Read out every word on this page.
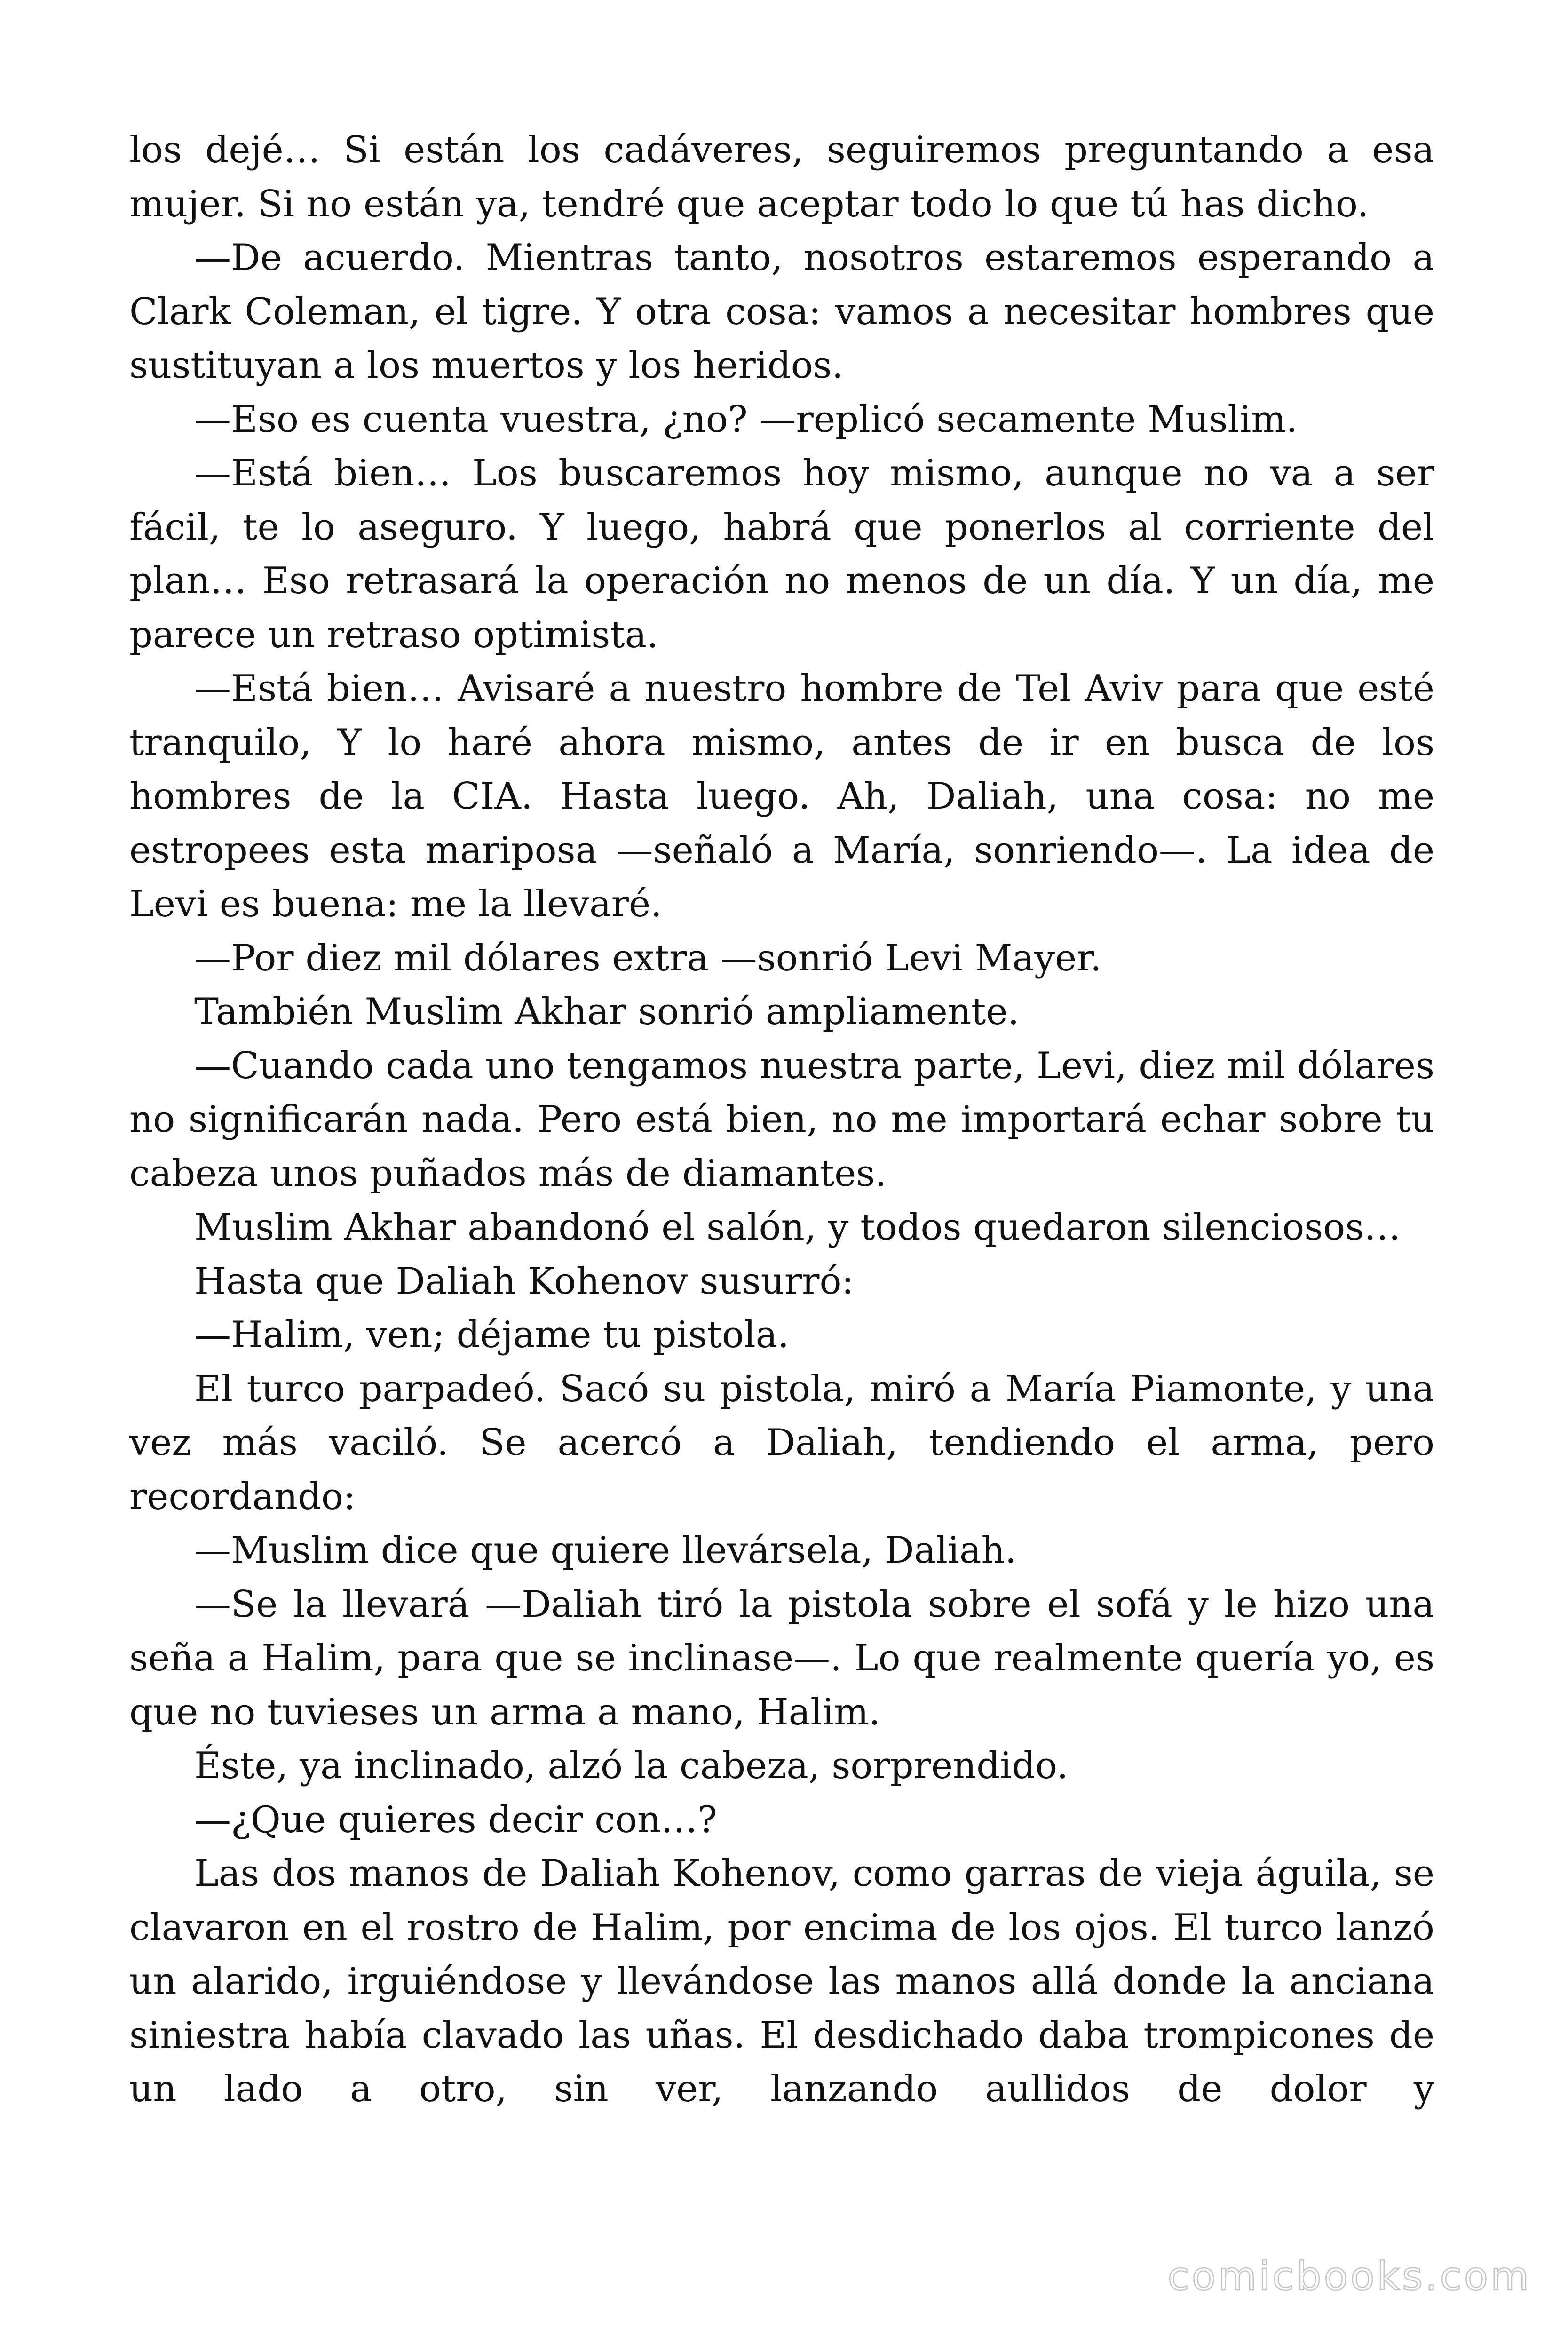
los dejé… Si están los cadáveres, seguiremos preguntando a esa mujer. Si no están ya, tendré que aceptar todo lo que tú has dicho.

—De acuerdo. Mientras tanto, nosotros estaremos esperando a Clark Coleman, el tigre. Y otra cosa: vamos a necesitar hombres que sustituyan a los muertos y los heridos.

—Eso es cuenta vuestra, ¿no? —replicó secamente Muslim.

—Está bien… Los buscaremos hoy mismo, aunque no va a ser fácil, te lo aseguro. Y luego, habrá que ponerlos al corriente del plan… Eso retrasará la operación no menos de un día. Y un día, me parece un retraso optimista.

—Está bien… Avisaré a nuestro hombre de Tel Aviv para que esté tranquilo, Y lo haré ahora mismo, antes de ir en busca de los hombres de la CIA. Hasta luego. Ah, Daliah, una cosa: no me estropees esta mariposa —señaló a María, sonriendo—. La idea de Levi es buena: me la llevaré.

—Por diez mil dólares extra —sonrió Levi Mayer.

También Muslim Akhar sonrió ampliamente.

—Cuando cada uno tengamos nuestra parte, Levi, diez mil dólares no significarán nada. Pero está bien, no me importará echar sobre tu cabeza unos puñados más de diamantes.

Muslim Akhar abandonó el salón, y todos quedaron silenciosos…

Hasta que Daliah Kohenov susurró:

—Halim, ven; déjame tu pistola.

El turco parpadeó. Sacó su pistola, miró a María Piamonte, y una vez más vaciló. Se acercó a Daliah, tendiendo el arma, pero recordando:

—Muslim dice que quiere llevársela, Daliah.

—Se la llevará —Daliah tiró la pistola sobre el sofá y le hizo una seña a Halim, para que se inclinase—. Lo que realmente quería yo, es que no tuvieses un arma a mano, Halim.

Éste, ya inclinado, alzó la cabeza, sorprendido.

—¿Que quieres decir con…?

Las dos manos de Daliah Kohenov, como garras de vieja águila, se clavaron en el rostro de Halim, por encima de los ojos. El turco lanzó un alarido, irguiéndose y llevándose las manos allá donde la anciana siniestra había clavado las uñas. El desdichado daba trompicones de un lado a otro, sin ver, lanzando aullidos de dolor y

comicbooks.com
